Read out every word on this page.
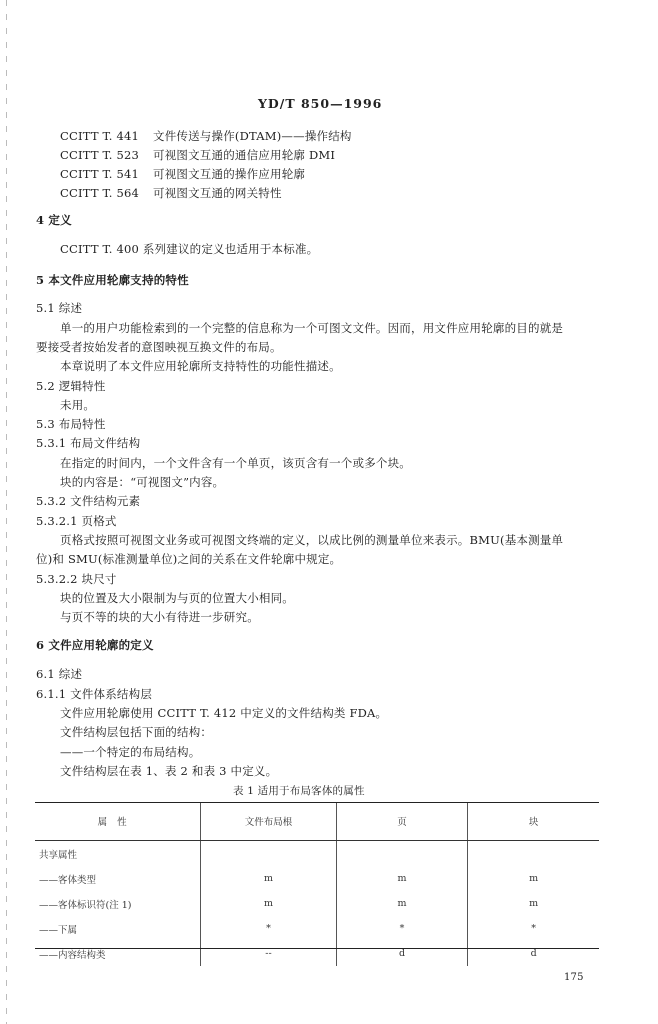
YD/T 850—1996
CCITT T. 441 文件传送与操作(DTAM)——操作结构
CCITT T. 523 可视图文互通的通信应用轮廓 DMI
CCITT T. 541 可视图文互通的操作应用轮廓
CCITT T. 564 可视图文互通的网关特性
4 定义
CCITT T. 400 系列建议的定义也适用于本标准。
5 本文件应用轮廓支持的特性
5.1 综述
单一的用户功能检索到的一个完整的信息称为一个可图文文件。因而，用文件应用轮廓的目的就是
要接受者按始发者的意图映视互换文件的布局。
本章说明了本文件应用轮廓所支持特性的功能性描述。
5.2 逻辑特性
未用。
5.3 布局特性
5.3.1 布局文件结构
在指定的时间内，一个文件含有一个单页，该页含有一个或多个块。
块的内容是：“可视图文”内容。
5.3.2 文件结构元素
5.3.2.1 页格式
页格式按照可视图文业务或可视图文终端的定义，以成比例的测量单位来表示。BMU(基本测量单
位)和 SMU(标准测量单位)之间的关系在文件轮廓中规定。
5.3.2.2 块尺寸
块的位置及大小限制为与页的位置大小相同。
与页不等的块的大小有待进一步研究。
6 文件应用轮廓的定义
6.1 综述
6.1.1 文件体系结构层
文件应用轮廓使用 CCITT T. 412 中定义的文件结构类 FDA。
文件结构层包括下面的结构：
——一个特定的布局结构。
文件结构层在表 1、表 2 和表 3 中定义。
表 1 适用于布局客体的属性
属性	文件布局根	页	块
共享属性			
——客体类型	m	m	m
——客体标识符(注 1)	m	m	m
——下属	*	*	*
——内容结构类	--	d	d
175
